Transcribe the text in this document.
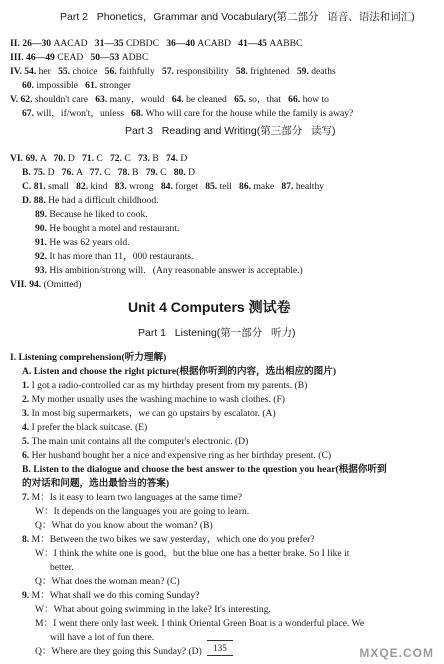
Part 2   Phonetics，Grammar and Vocabulary(第二部分   语音、语法和词汇)
II. 26—30 AACAD   31—35 CDBDC   36—40 ACABD   41—45 AABBC
III. 46—49 CEAD   50—53 ADBC
IV. 54. her   55. choice   56. faithfully   57. responsibility   58. frightened   59. deaths
60. impossible   61. stronger
V. 62. shouldn't care   63. many，would   64. be cleaned   65. so，that   66. how to
67. will，if/won't，unless   68. Who will care for the house while the family is away?
VI. 69. A   70. D   71. C   72. C   73. B   74. D
B. 75. D   76. A   77. C   78. B   79. C   80. D
C. 81. small   82. kind   83. wrong   84. forget   85. tell   86. make   87. healthy
D. 88. He had a difficult childhood.
89. Because he liked to cook.
90. He bought a motel and restaurant.
91. He was 62 years old.
92. It has more than 11，000 restaurants.
93. His ambition/strong will.   (Any reasonable answer is acceptable.)
VII. 94. (Omitted)
I. Listening comprehension(听力理解)
A. Listen and choose the right picture(根据你听到的内容，选出相应的图片)
1. I got a radio-controlled car as my birthday present from my parents. (B)
2. My mother usually uses the washing machine to wash clothes. (F)
3. In most big supermarkets，we can go upstairs by escalator. (A)
4. I prefer the black suitcase. (E)
5. The main unit contains all the computer's electronic. (D)
6. Her husband bought her a nice and expensive ring as her birthday present. (C)
B. Listen to the dialogue and choose the best answer to the question you hear(根据你听到
的对话和问题，选出最恰当的答案)
7. M：Is it easy to learn two languages at the same time?
W：It depends on the languages you are going to learn.
Q：What do you know about the woman? (B)
8. M：Between the two bikes we saw yesterday，which one do you prefer?
W：I think the white one is good，but the blue one has a better brake. So I like it
better.
Q：What does the woman mean? (C)
9. M：What shall we do this coming Sunday?
W：What about going swimming in the lake? It's interesting.
M：I went there only last week. I think Oriental Green Boat is a wonderful place. We
will have a lot of fun there.
Q：Where are they going this Sunday? (D)
Part 3   Reading and Writing(第三部分   读写)
Unit 4 Computers 测试卷
Part 1   Listening(第一部分   听力)
135	MXQE.COM
